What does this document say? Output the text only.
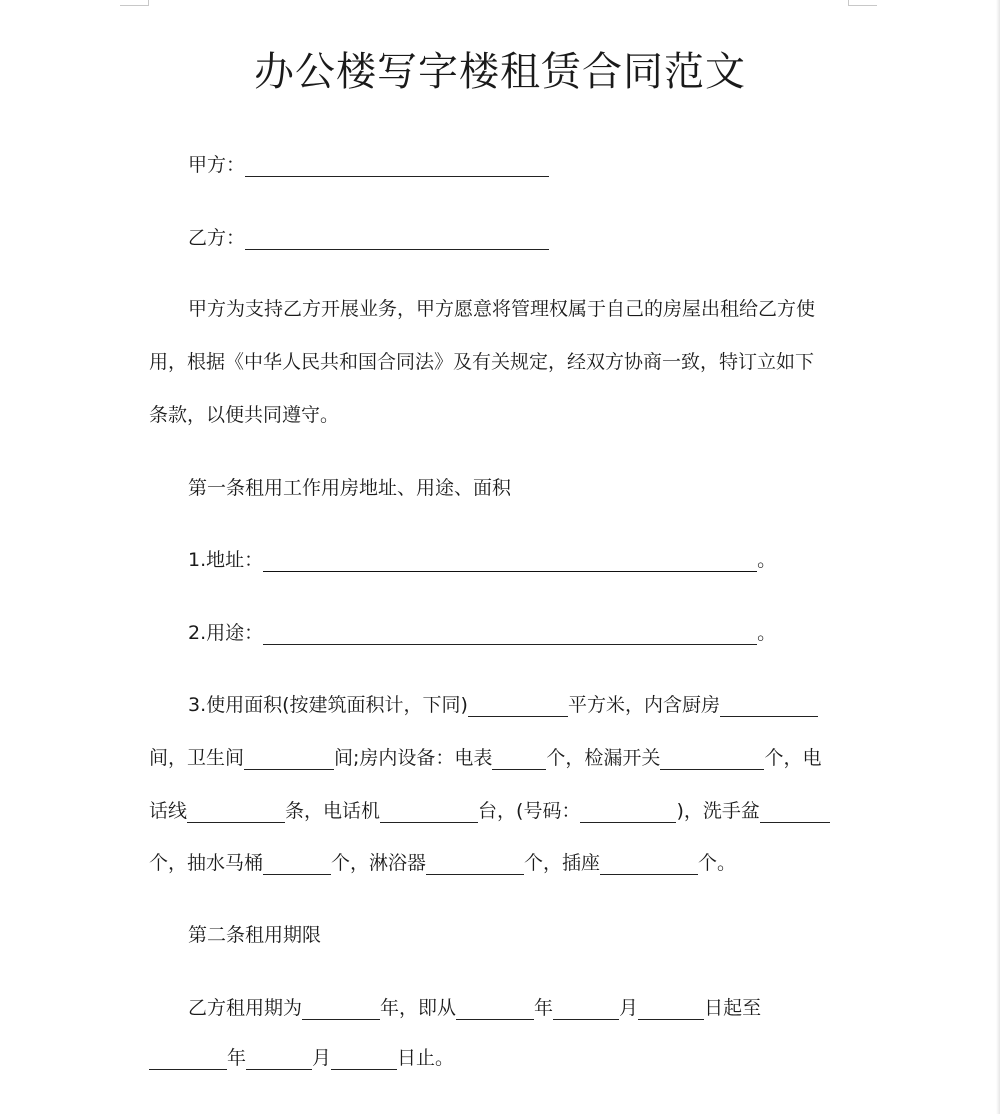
办公楼写字楼租赁合同范文
甲方：
乙方：
甲方为支持乙方开展业务，甲方愿意将管理权属于自己的房屋出租给乙方使
用，根据《中华人民共和国合同法》及有关规定，经双方协商一致，特订立如下
条款，以便共同遵守。
第一条租用工作用房地址、用途、面积
1.地址：	。
2.用途：	。
3.使用面积(按建筑面积计，下同)	平方米，内含厨房
间，卫生间	间;房内设备：电表	个，检漏开关	个，电
话线	条，电话机	台，(号码：	)，洗手盆
个，抽水马桶	个，淋浴器	个，插座	个。
第二条租用期限
乙方租用期为	年，即从	年	月	日起至
年	月	日止。
